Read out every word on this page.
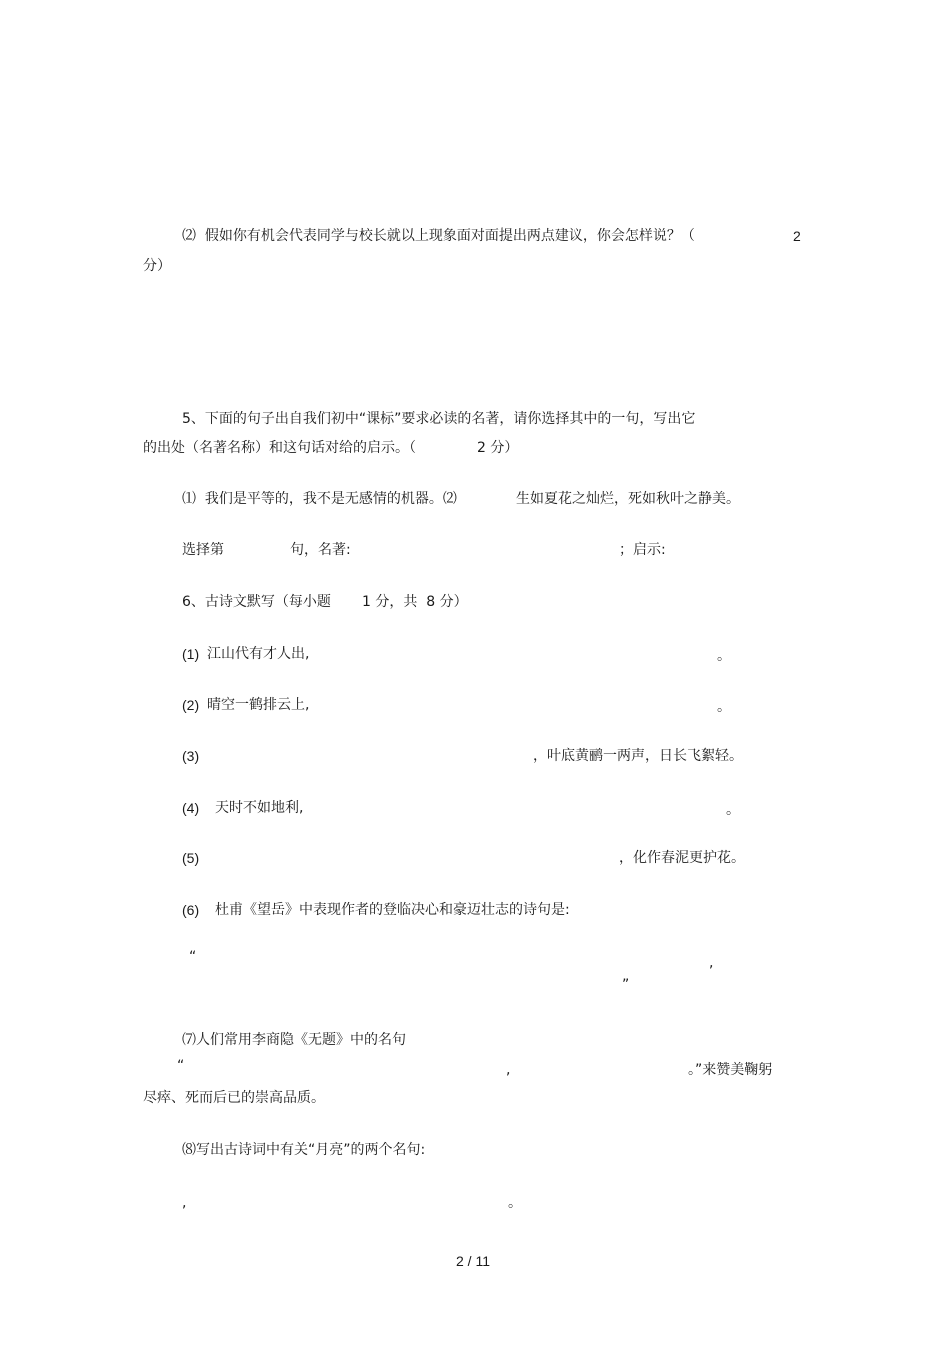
⑵  假如你有机会代表同学与校长就以上现象面对面提出两点建议，你会怎样说？（	2
分）
5、下面的句子出自我们初中“课标”要求必读的名著，请你选择其中的一句，写出它
的出处（名著名称）和这句话对给的启示。（	2 分）
⑴  我们是平等的，我不是无感情的机器。⑵	生如夏花之灿烂，死如秋叶之静美。
选择第	句，名著:	；启示:
6、古诗文默写（每小题 1 分，共  8 分）
(1) 江山代有才人出,	。
(2) 晴空一鹤排云上,	。
(3)	，叶底黄鹂一两声，日长飞絮轻。
(4) 天时不如地利,	。
(5)	，化作春泥更护花。
(6) 杜甫《望岳》中表现作者的登临决心和豪迈壮志的诗句是:
“	,
”
⑺人们常用李商隐《无题》中的名句
“	,	。”来赞美鞠躬
尽瘁、死而后已的崇高品质。
⑻写出古诗词中有关“月亮”的两个名句:
,	。
2 / 11
